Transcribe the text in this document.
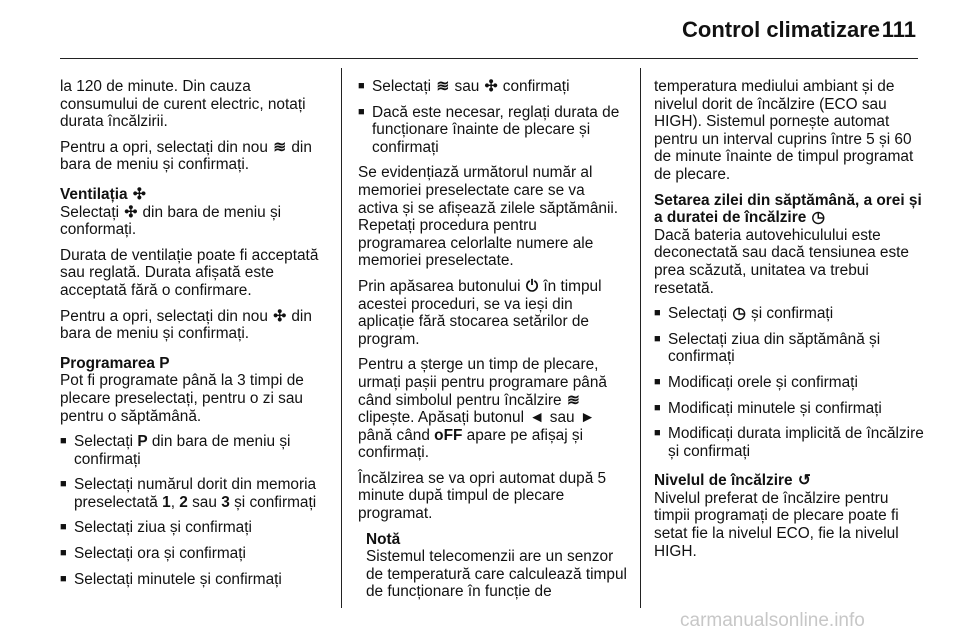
Control climatizare 111

la 120 de minute. Din cauza consumului de curent electric, notați durata încălzirii.

Pentru a opri, selectați din nou ≋ din bara de meniu și confirmați.

Ventilația ✣

Selectați ✣ din bara de meniu și conformați.

Durata de ventilație poate fi acceptată sau reglată. Durata afișată este acceptată fără o confirmare.

Pentru a opri, selectați din nou ✣ din bara de meniu și confirmați.

Programarea P

Pot fi programate până la 3 timpi de plecare preselectați, pentru o zi sau pentru o săptămână.

■ Selectați P din bara de meniu și confirmați
■ Selectați numărul dorit din memoria preselectată 1, 2 sau 3 și confirmați
■ Selectați ziua și confirmați
■ Selectați ora și confirmați
■ Selectați minutele și confirmați
■ Selectați ≋ sau ✣ confirmați
■ Dacă este necesar, reglați durata de funcționare înainte de plecare și confirmați

Se evidențiază următorul număr al memoriei preselectate care se va activa și se afișează zilele săptămânii. Repetați procedura pentru programarea celorlalte numere ale memoriei preselectate.

Prin apăsarea butonului ⏻ în timpul acestei proceduri, se va ieși din aplicație fără stocarea setărilor de program.

Pentru a șterge un timp de plecare, urmați pașii pentru programare până când simbolul pentru încălzire ≋ clipește. Apăsați butonul ◄ sau ► până când oFF apare pe afișaj și confirmați.

Încălzirea se va opri automat după 5 minute după timpul de plecare programat.

Notă

Sistemul telecomenzii are un senzor de temperatură care calculează timpul de funcționare în funcție de

temperatura mediului ambiant și de nivelul dorit de încălzire (ECO sau HIGH). Sistemul pornește automat pentru un interval cuprins între 5 și 60 de minute înainte de timpul programat de plecare.

Setarea zilei din săptămână, a orei și a duratei de încălzire ◷

Dacă bateria autovehiculului este deconectată sau dacă tensiunea este prea scăzută, unitatea va trebui resetată.

■ Selectați ◷ și confirmați
■ Selectați ziua din săptămână și confirmați
■ Modificați orele și confirmați
■ Modificați minutele și confirmați
■ Modificați durata implicită de încălzire și confirmați

Nivelul de încălzire ↺

Nivelul preferat de încălzire pentru timpii programați de plecare poate fi setat fie la nivelul ECO, fie la nivelul HIGH.

carmanualsonline.info
